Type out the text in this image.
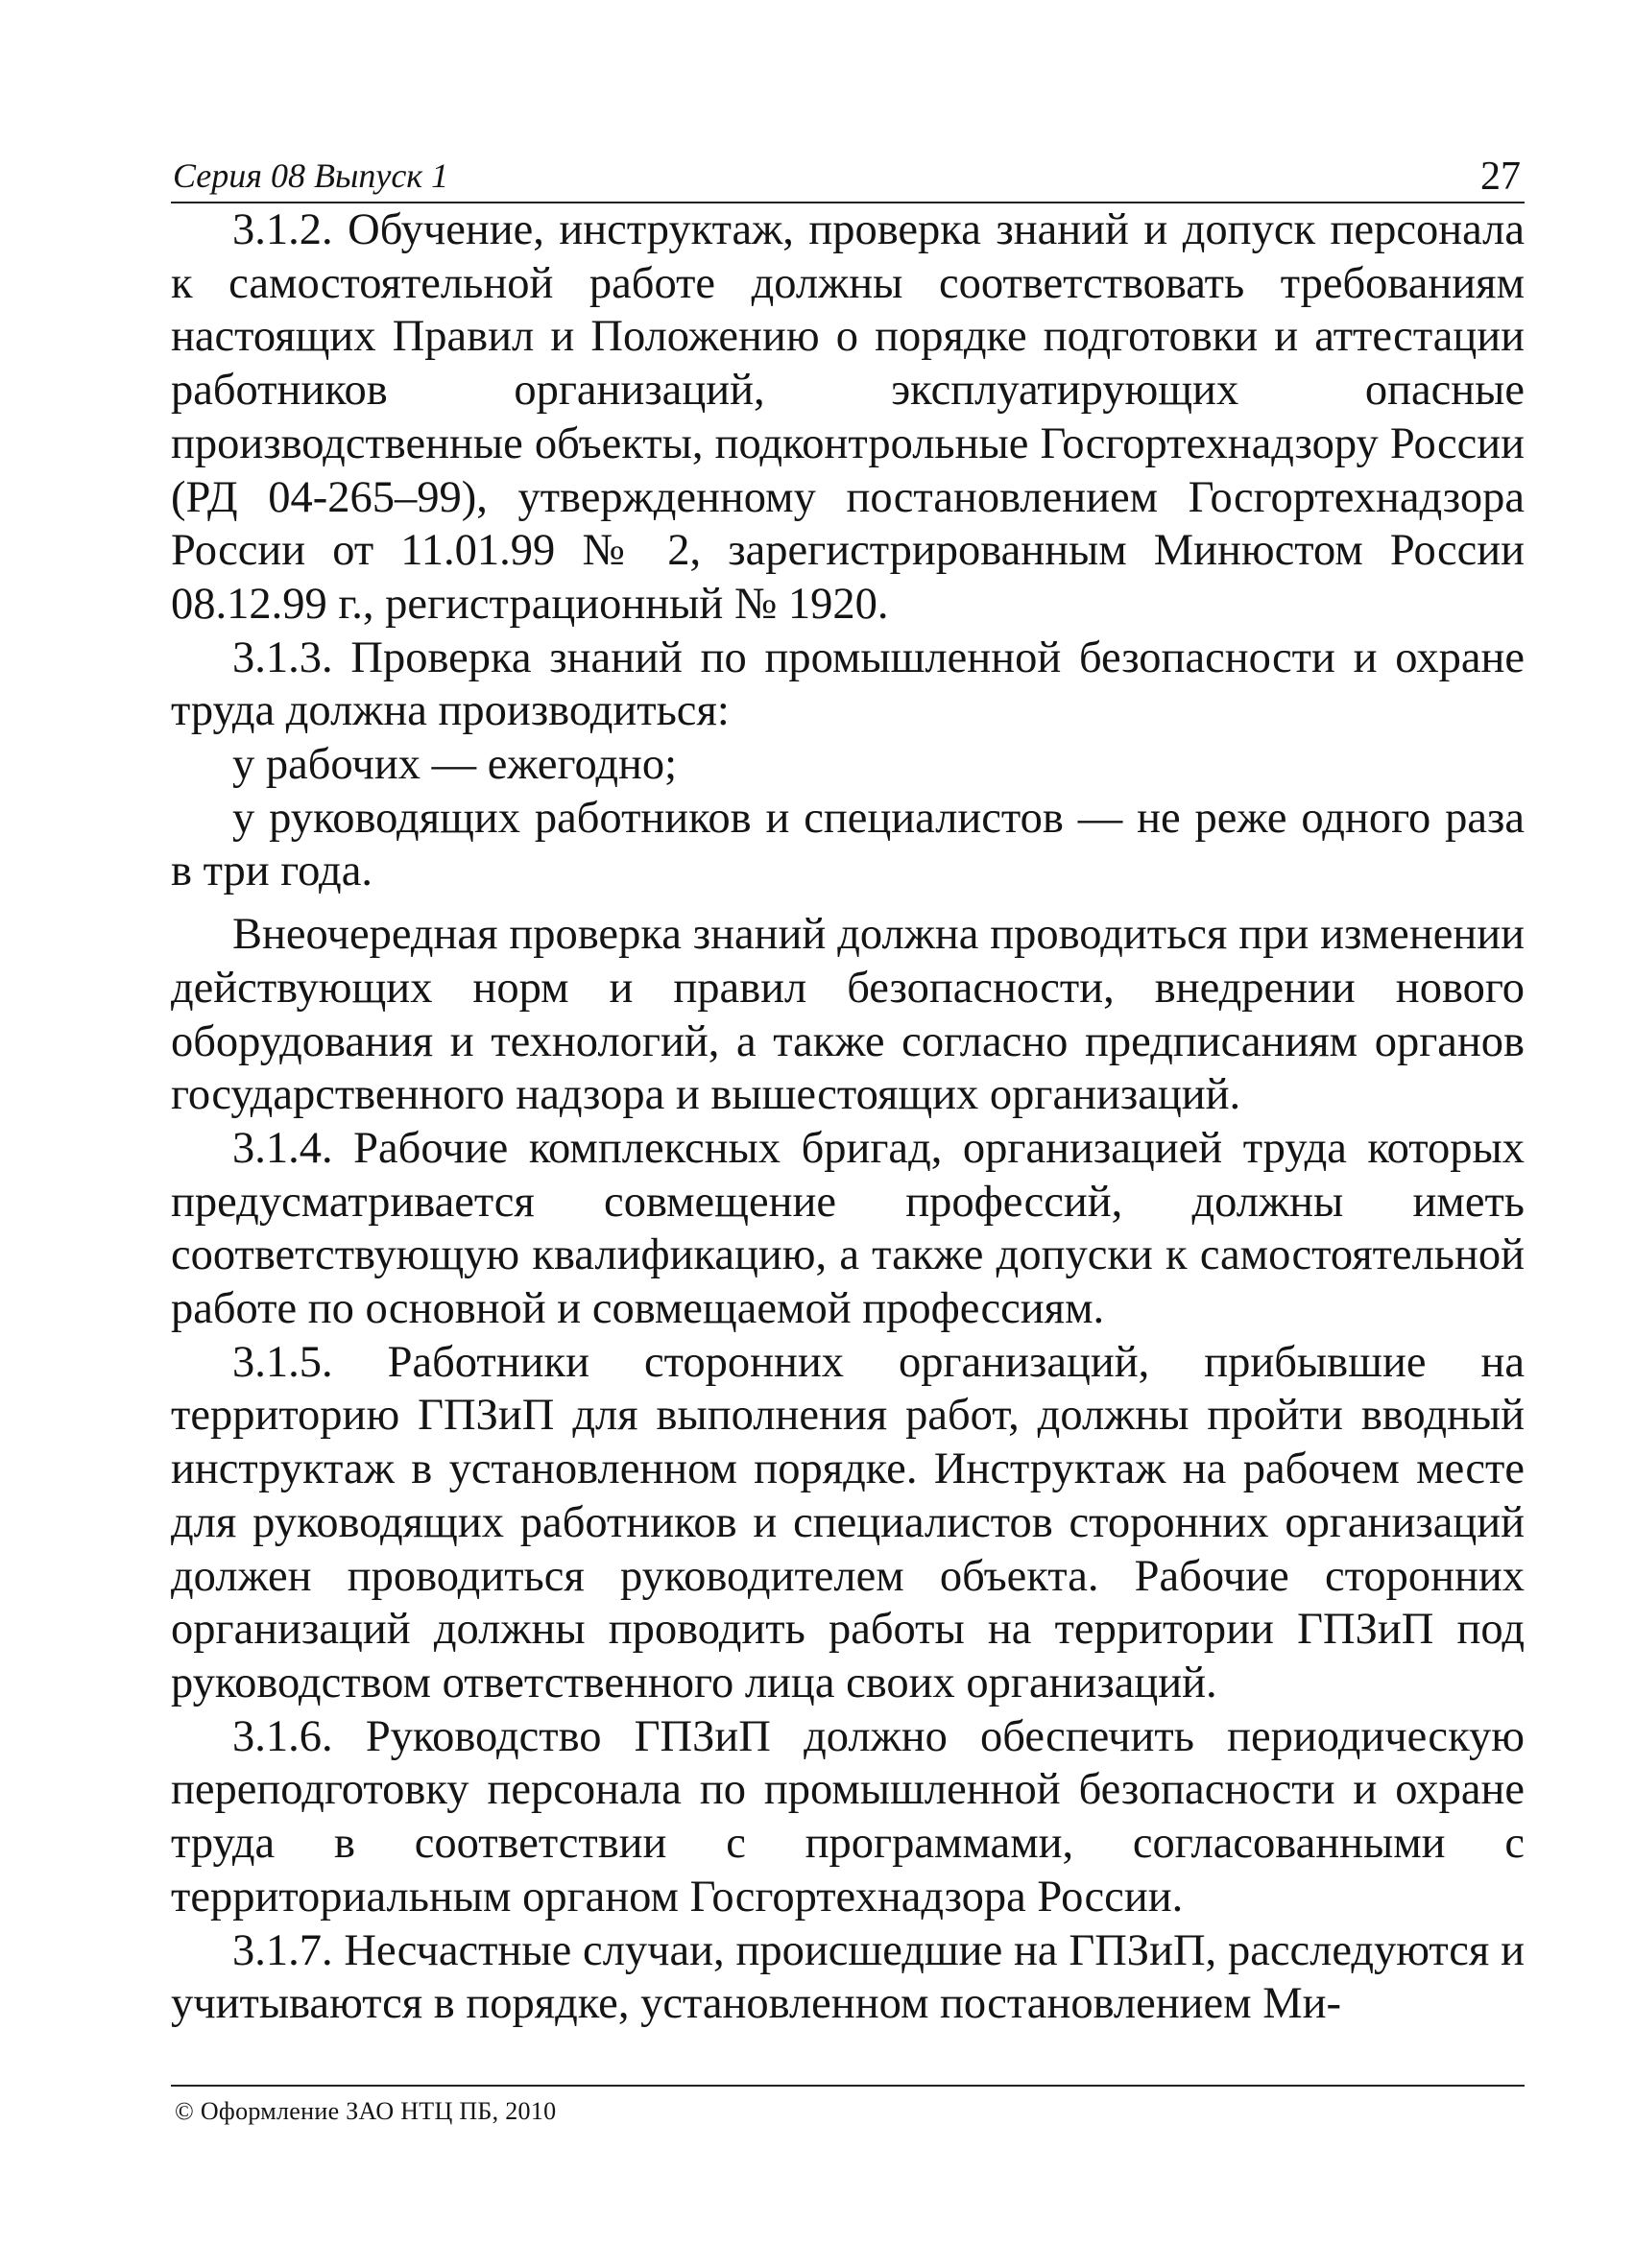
Серия 08 Выпуск 1	27

3.1.2. Обучение, инструктаж, проверка знаний и допуск персонала к самостоятельной работе должны соответствовать требованиям настоящих Правил и Положению о порядке подготовки и аттестации работников организаций, эксплуатирующих опасные производственные объекты, подконтрольные Госгортехнадзору России (РД 04-265–99), утвержденному постановлением Госгортехнадзора России от 11.01.99 № 2, зарегистрированным Минюстом России 08.12.99 г., регистрационный № 1920.

3.1.3. Проверка знаний по промышленной безопасности и охране труда должна производиться:

у рабочих — ежегодно;

у руководящих работников и специалистов — не реже одного раза в три года.

Внеочередная проверка знаний должна проводиться при изменении действующих норм и правил безопасности, внедрении нового оборудования и технологий, а также согласно предписаниям органов государственного надзора и вышестоящих организаций.

3.1.4. Рабочие комплексных бригад, организацией труда которых предусматривается совмещение профессий, должны иметь соответствующую квалификацию, а также допуски к самостоятельной работе по основной и совмещаемой профессиям.

3.1.5. Работники сторонних организаций, прибывшие на территорию ГПЗиП для выполнения работ, должны пройти вводный инструктаж в установленном порядке. Инструктаж на рабочем месте для руководящих работников и специалистов сторонних организаций должен проводиться руководителем объекта. Рабочие сторонних организаций должны проводить работы на территории ГПЗиП под руководством ответственного лица своих организаций.

3.1.6. Руководство ГПЗиП должно обеспечить периодическую переподготовку персонала по промышленной безопасности и охране труда в соответствии с программами, согласованными с территориальным органом Госгортехнадзора России.

3.1.7. Несчастные случаи, происшедшие на ГПЗиП, расследуются и учитываются в порядке, установленном постановлением Ми-

© Оформление ЗАО НТЦ ПБ, 2010
